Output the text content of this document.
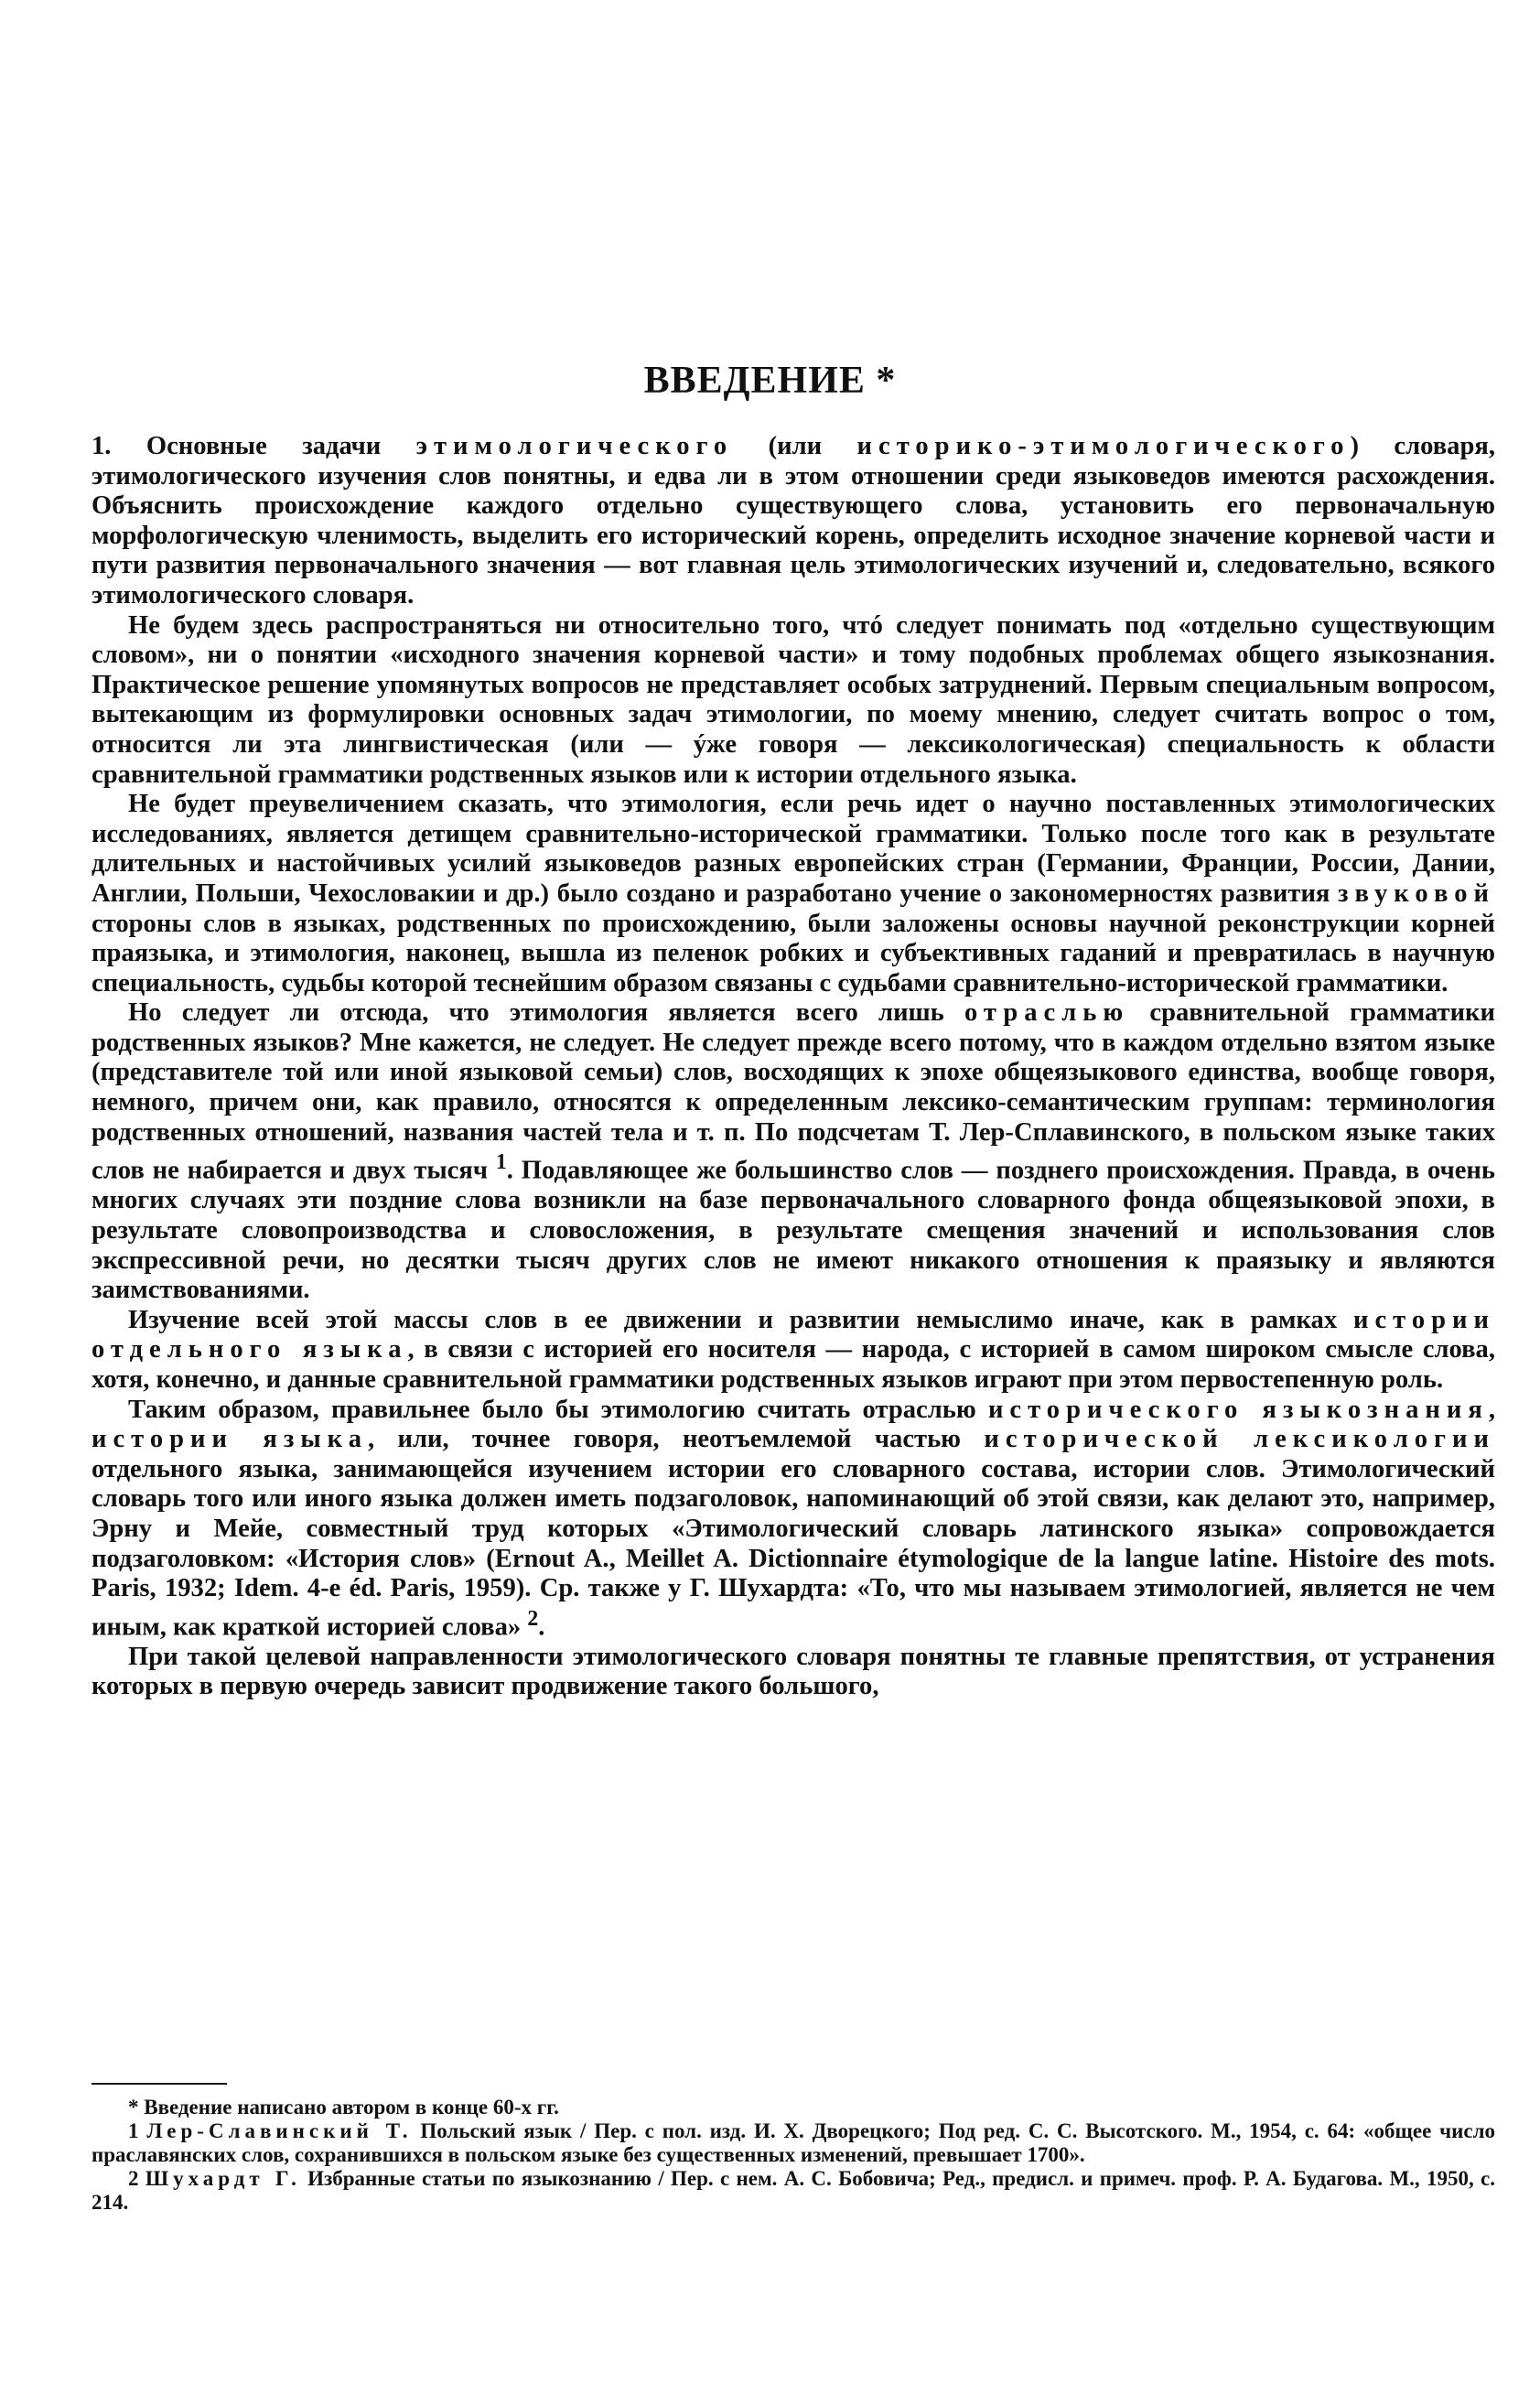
ВВЕДЕНИЕ *

1. Основные задачи этимологического (или историко-этимологического) словаря, этимологического изучения слов понятны, и едва ли в этом отношении среди языковедов имеются расхождения. Объяснить происхождение каждого отдельно существующего слова, установить его первоначальную морфологическую членимость, выделить его исторический корень, определить исходное значение корневой части и пути развития первоначального значения — вот главная цель этимологических изучений и, следовательно, всякого этимологического словаря.

Не будем здесь распространяться ни относительно того, чтó следует понимать под «отдельно существующим словом», ни о понятии «исходного значения корневой части» и тому подобных проблемах общего языкознания. Практическое решение упомянутых вопросов не представляет особых затруднений. Первым специальным вопросом, вытекающим из формулировки основных задач этимологии, по моему мнению, следует считать вопрос о том, относится ли эта лингвистическая (или — ýже говоря — лексикологическая) специальность к области сравнительной грамматики родственных языков или к истории отдельного языка.

Не будет преувеличением сказать, что этимология, если речь идет о научно поставленных этимологических исследованиях, является детищем сравнительно-исторической грамматики. Только после того как в результате длительных и настойчивых усилий языковедов разных европейских стран (Германии, Франции, России, Дании, Англии, Польши, Чехословакии и др.) было создано и разработано учение о закономерностях развития звуковой стороны слов в языках, родственных по происхождению, были заложены основы научной реконструкции корней праязыка, и этимология, наконец, вышла из пеленок робких и субъективных гаданий и превратилась в научную специальность, судьбы которой теснейшим образом связаны с судьбами сравнительно-исторической грамматики.

Но следует ли отсюда, что этимология является всего лишь отраслью сравнительной грамматики родственных языков? Мне кажется, не следует. Не следует прежде всего потому, что в каждом отдельно взятом языке (представителе той или иной языковой семьи) слов, восходящих к эпохе общеязыкового единства, вообще говоря, немного, причем они, как правило, относятся к определенным лексико-семантическим группам: терминология родственных отношений, названия частей тела и т. п. По подсчетам Т. Лер-Сплавинского, в польском языке таких слов не набирается и двух тысяч $^1$. Подавляющее же большинство слов — позднего происхождения. Правда, в очень многих случаях эти поздние слова возникли на базе первоначального словарного фонда общеязыковой эпохи, в результате словопроизводства и словосложения, в результате смещения значений и использования слов экспрессивной речи, но десятки тысяч других слов не имеют никакого отношения к праязыку и являются заимствованиями.

Изучение всей этой массы слов в ее движении и развитии немыслимо иначе, как в рамках истории отдельного языка, в связи с историей его носителя — народа, с историей в самом широком смысле слова, хотя, конечно, и данные сравнительной грамматики родственных языков играют при этом первостепенную роль.

Таким образом, правильнее было бы этимологию считать отраслью исторического языкознания, истории языка, или, точнее говоря, неотъемлемой частью исторической лексикологии отдельного языка, занимающейся изучением истории его словарного состава, истории слов. Этимологический словарь того или иного языка должен иметь подзаголовок, напоминающий об этой связи, как делают это, например, Эрну и Мейе, совместный труд которых «Этимологический словарь латинского языка» сопровождается подзаголовком: «История слов» (Ernout A., Meillet A. Dictionnaire étymologique de la langue latine. Histoire des mots. Paris, 1932; Idem. 4-e éd. Paris, 1959). Ср. также у Г. Шухардта: «То, что мы называем этимологией, является не чем иным, как краткой историей слова» $^2$.

При такой целевой направленности этимологического словаря понятны те главные препятствия, от устранения которых в первую очередь зависит продвижение такого большого,

* Введение написано автором в конце 60-х гг.

1 Лер-Славинский Т. Польский язык / Пер. с пол. изд. И. Х. Дворецкого; Под ред. С. С. Высотского. М., 1954, с. 64: «общее число праславянских слов, сохранившихся в польском языке без существенных изменений, превышает 1700».

2 Шухардт Г. Избранные статьи по языкознанию / Пер. с нем. А. С. Бобовича; Ред., предисл. и примеч. проф. Р. А. Будагова. М., 1950, с. 214.
